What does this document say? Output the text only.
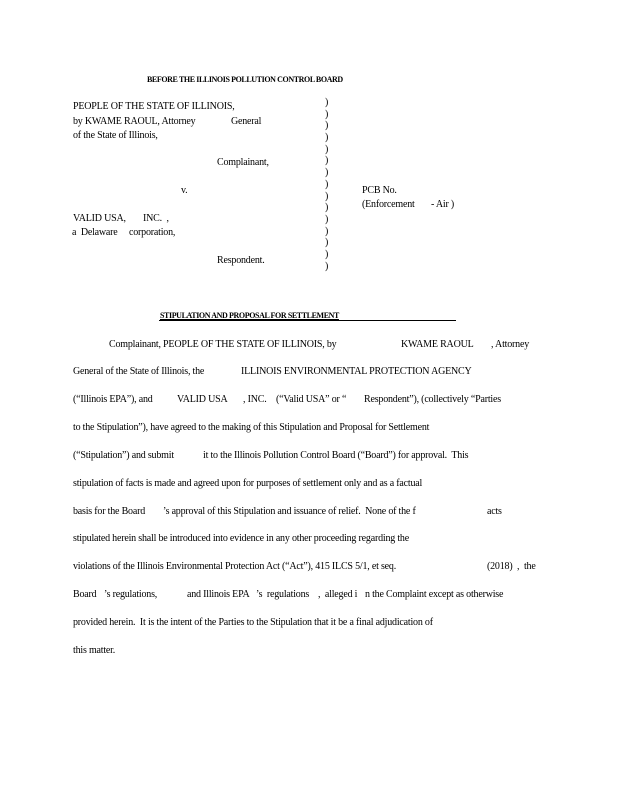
BEFORE THE ILLINOIS POLLUTION CONTROL BOARD
PEOPLE OF THE STATE OF ILLINOIS,
by KWAME RAOUL, Attorney	General
of the State of Illinois,
Complainant,
v.
VALID USA, INC.  ,
a  Delaware corporation,
Respondent.
)
)
)
)
)
)
)
)
)
)
)
)
)
)
)
PCB No.
(Enforcement - Air )
STIPULATION AND PROPOSAL FOR SETTLEMENT
Complainant, PEOPLE OF THE STATE OF ILLINOIS, by	KWAME RAOUL , Attorney
General of the State of Illinois, the	ILLINOIS ENVIRONMENTAL PROTECTION AGENCY
(“Illinois EPA”), and VALID USA , INC. (“Valid USA” or “ Respondent”), (collectively “Parties
to the Stipulation”), have agreed to the making of this Stipulation and Proposal for Settlement
(“Stipulation”) and submit	it to the Illinois Pollution Control Board (“Board”) for approval.  This
stipulation of facts is made and agreed upon for purposes of settlement only and as a factual
basis for the Board ’s approval of this Stipulation and issuance of relief.  None of the f	acts
stipulated herein shall be introduced into evidence in any other proceeding regarding the
violations of the Illinois Environmental Protection Act (“Act”), 415 ILCS 5/1, et seq.	(2018)  ,  the
Board ’s regulations,	and Illinois EPA ’s  regulations ,  alleged i n the Complaint except as otherwise
provided herein.  It is the intent of the Parties to the Stipulation that it be a final adjudication of
this matter.
